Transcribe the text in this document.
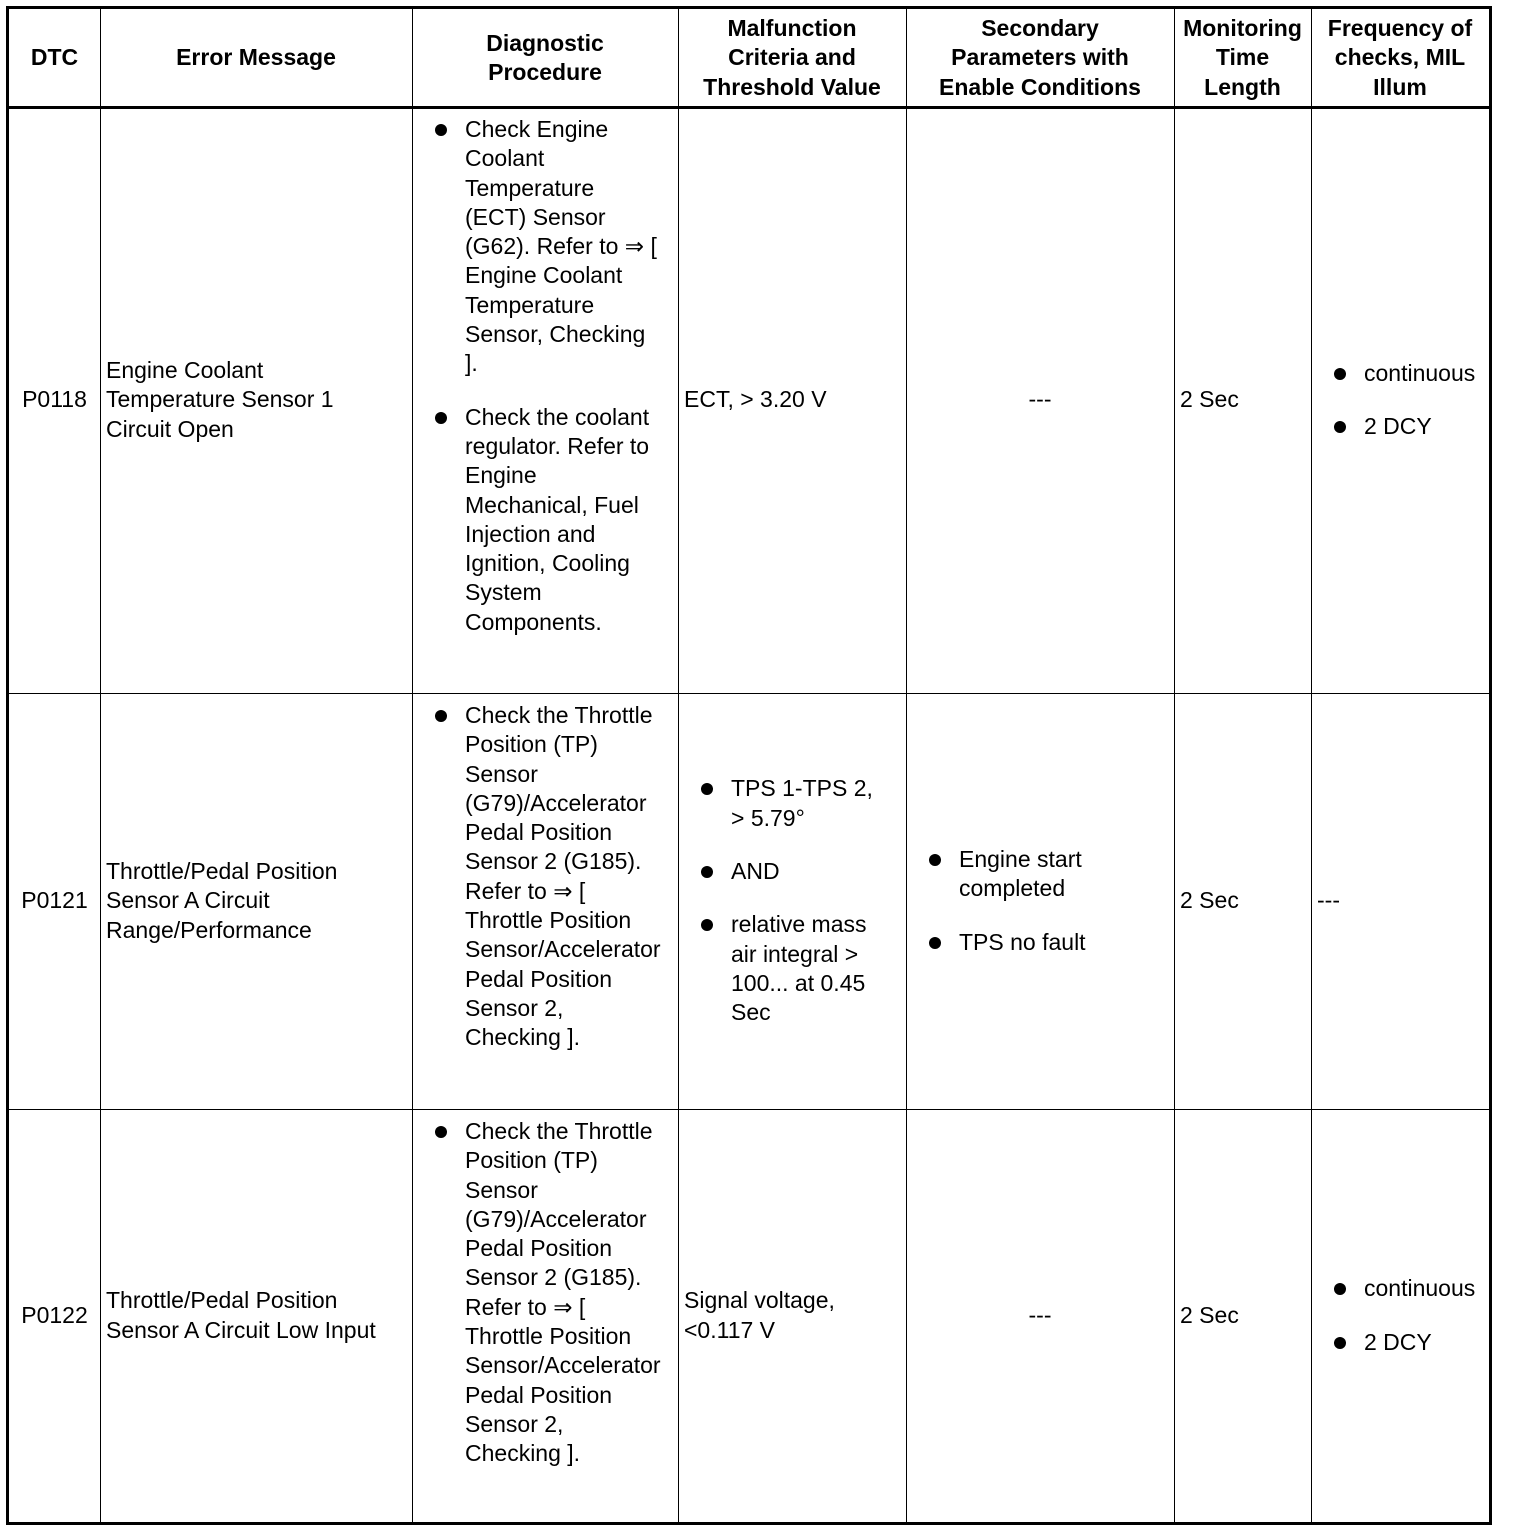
DTC	Error Message
Diagnostic
Procedure
Malfunction
Criteria and
Threshold Value
Secondary
Parameters with
Enable Conditions
Monitoring
Time
Length
Frequency of
checks, MIL
Illum
P0118
Engine Coolant
Temperature Sensor 1
Circuit Open
Check Engine
Coolant
Temperature
(ECT) Sensor
(G62). Refer to ⇒ [
Engine Coolant
Temperature
Sensor, Checking
].
Check the coolant
regulator. Refer to
Engine
Mechanical, Fuel
Injection and
Ignition, Cooling
System
Components.
ECT, > 3.20 V	---
continuous
2 DCY
2 Sec
P0121
Throttle/Pedal Position
Sensor A Circuit
Range/Performance
Check the Throttle
Position (TP)
Sensor
(G79)/Accelerator
Pedal Position
Sensor 2 (G185).
Refer to ⇒ [
Throttle Position
Sensor/Accelerator
Pedal Position
Sensor 2,
Checking ].
TPS 1-TPS 2,
> 5.79°
AND
relative mass
air integral >
100... at 0.45
Sec
Engine start
completed
TPS no fault
---
2 Sec
P0122
Throttle/Pedal Position
Sensor A Circuit Low Input
Check the Throttle
Position (TP)
Sensor
(G79)/Accelerator
Pedal Position
Sensor 2 (G185).
Refer to ⇒ [
Throttle Position
Sensor/Accelerator
Pedal Position
Sensor 2,
Checking ].
Signal voltage,
<0.117 V
---
continuous
2 DCY
2 Sec
